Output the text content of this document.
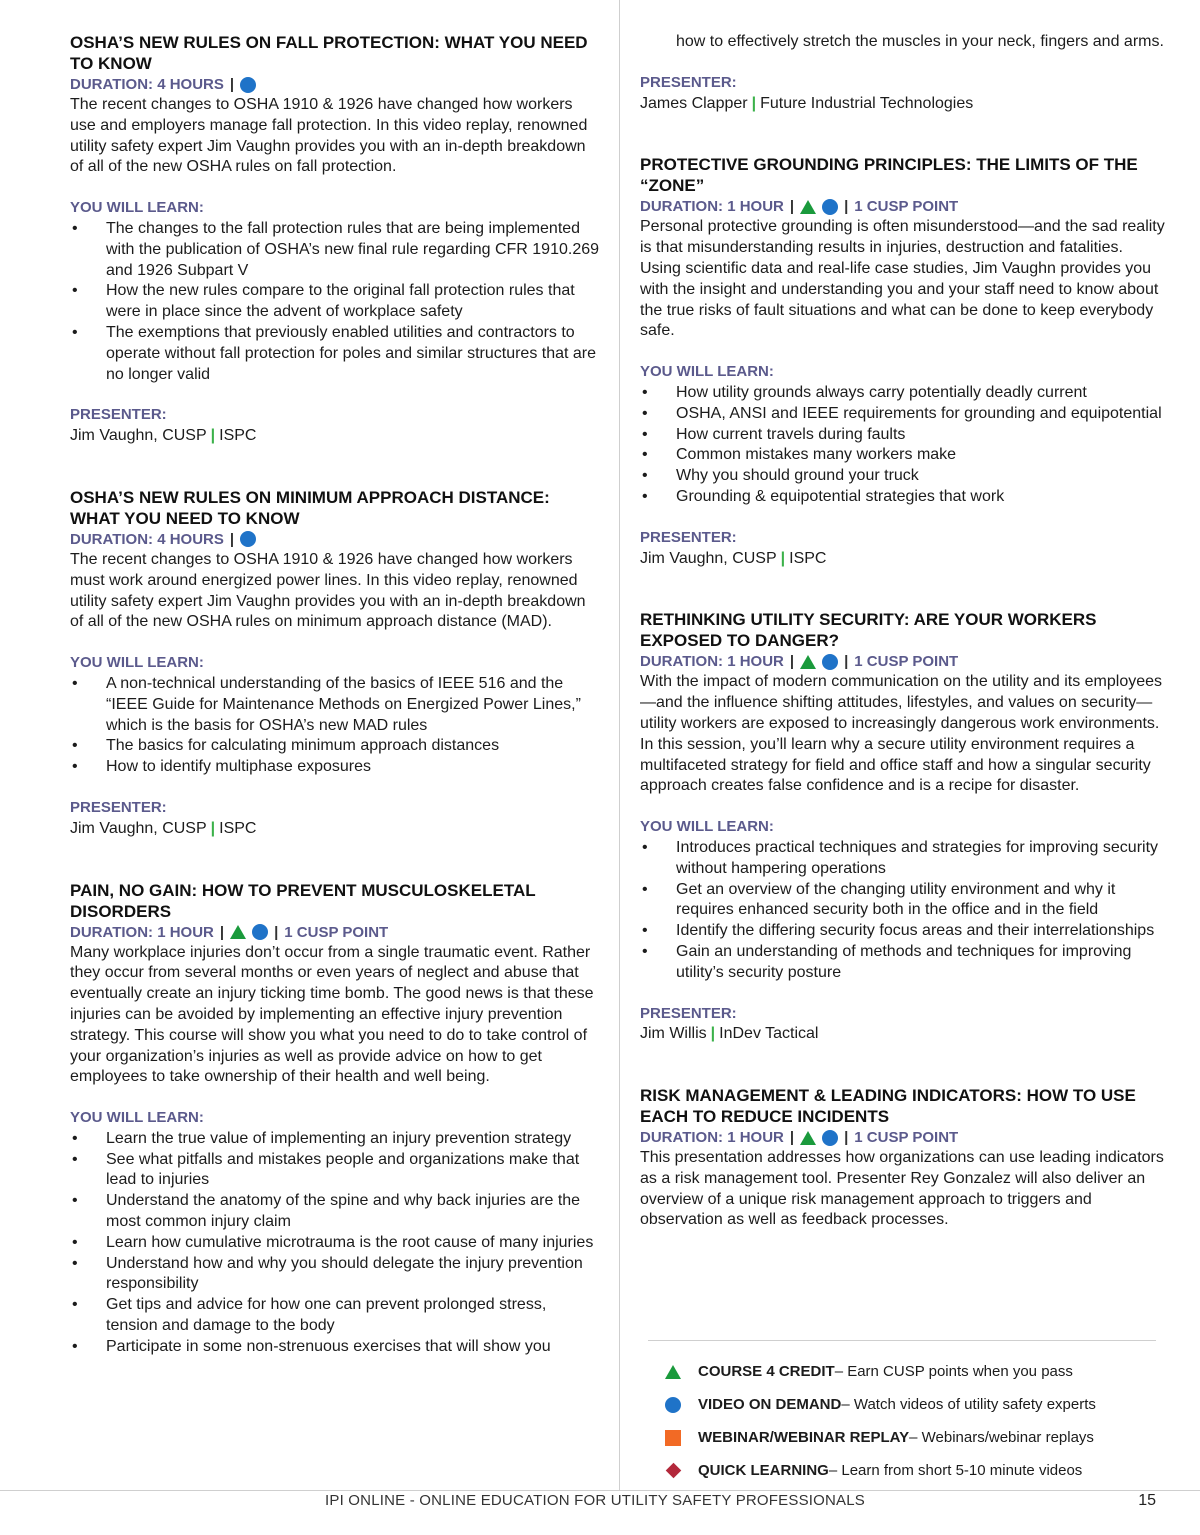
OSHA’S NEW RULES ON FALL PROTECTION: WHAT YOU NEED TO KNOW
DURATION: 4 HOURS |

The recent changes to OSHA 1910 & 1926 have changed how workers use and employers manage fall protection. In this video replay, renowned utility safety expert Jim Vaughn provides you with an in-depth breakdown of all of the new OSHA rules on fall protection.

YOU WILL LEARN:
• The changes to the fall protection rules that are being implemented with the publication of OSHA’s new final rule regarding CFR 1910.269 and 1926 Subpart V
• How the new rules compare to the original fall protection rules that were in place since the advent of workplace safety
• The exemptions that previously enabled utilities and contractors to operate without fall protection for poles and similar structures that are no longer valid
PRESENTER:
Jim Vaughn, CUSP | ISPC
OSHA’S NEW RULES ON MINIMUM APPROACH DISTANCE: WHAT YOU NEED TO KNOW
DURATION: 4 HOURS |

The recent changes to OSHA 1910 & 1926 have changed how workers must work around energized power lines. In this video replay, renowned utility safety expert Jim Vaughn provides you with an in-depth breakdown of all of the new OSHA rules on minimum approach distance (MAD).

YOU WILL LEARN:
• A non-technical understanding of the basics of IEEE 516 and the “IEEE Guide for Maintenance Methods on Energized Power Lines,” which is the basis for OSHA’s new MAD rules
• The basics for calculating minimum approach distances
• How to identify multiphase exposures
PRESENTER:
Jim Vaughn, CUSP | ISPC
PAIN, NO GAIN: HOW TO PREVENT MUSCULOSKELETAL DISORDERS
DURATION: 1 HOUR |	| 1 CUSP POINT

Many workplace injuries don’t occur from a single traumatic event. Rather they occur from several months or even years of neglect and abuse that eventually create an injury ticking time bomb. The good news is that these injuries can be avoided by implementing an effective injury prevention strategy. This course will show you what you need to do to take control of your organization’s injuries as well as provide advice on how to get employees to take ownership of their health and well being.

YOU WILL LEARN:
• Learn the true value of implementing an injury prevention strategy
• See what pitfalls and mistakes people and organizations make that lead to injuries
• Understand the anatomy of the spine and why back injuries are the most common injury claim
• Learn how cumulative microtrauma is the root cause of many injuries
• Understand how and why you should delegate the injury prevention responsibility
• Get tips and advice for how one can prevent prolonged stress, tension and damage to the body
• Participate in some non-strenuous exercises that will show you
how to effectively stretch the muscles in your neck, fingers and arms.
PRESENTER:
James Clapper | Future Industrial Technologies
PROTECTIVE GROUNDING PRINCIPLES: THE LIMITS OF THE “ZONE”
DURATION: 1 HOUR |	| 1 CUSP POINT

Personal protective grounding is often misunderstood—and the sad reality is that misunderstanding results in injuries, destruction and fatalities. Using scientific data and real-life case studies, Jim Vaughn provides you with the insight and understanding you and your staff need to know about the true risks of fault situations and what can be done to keep everybody safe.

YOU WILL LEARN:
• How utility grounds always carry potentially deadly current
• OSHA, ANSI and IEEE requirements for grounding and equipotential
• How current travels during faults
• Common mistakes many workers make
• Why you should ground your truck
• Grounding & equipotential strategies that work
PRESENTER:
Jim Vaughn, CUSP | ISPC
RETHINKING UTILITY SECURITY: ARE YOUR WORKERS EXPOSED TO DANGER?
DURATION: 1 HOUR |	| 1 CUSP POINT

With the impact of modern communication on the utility and its employees—and the influence shifting attitudes, lifestyles, and values on security—utility workers are exposed to increasingly dangerous work environments. In this session, you’ll learn why a secure utility environment requires a multifaceted strategy for field and office staff and how a singular security approach creates false confidence and is a recipe for disaster.

YOU WILL LEARN:
• Introduces practical techniques and strategies for improving security without hampering operations
• Get an overview of the changing utility environment and why it requires enhanced security both in the office and in the field
• Identify the differing security focus areas and their interrelationships
• Gain an understanding of methods and techniques for improving utility’s security posture
PRESENTER:
Jim Willis | InDev Tactical
RISK MANAGEMENT & LEADING INDICATORS: HOW TO USE EACH TO REDUCE INCIDENTS
DURATION: 1 HOUR |	| 1 CUSP POINT

This presentation addresses how organizations can use leading indicators as a risk management tool. Presenter Rey Gonzalez will also deliver an overview of a unique risk management approach to triggers and observation as well as feedback processes.

COURSE 4 CREDIT – Earn CUSP points when you pass
VIDEO ON DEMAND – Watch videos of utility safety experts
WEBINAR/WEBINAR REPLAY – Webinars/webinar replays
QUICK LEARNING – Learn from short 5-10 minute videos
IPI ONLINE - ONLINE EDUCATION FOR UTILITY SAFETY PROFESSIONALS	15
